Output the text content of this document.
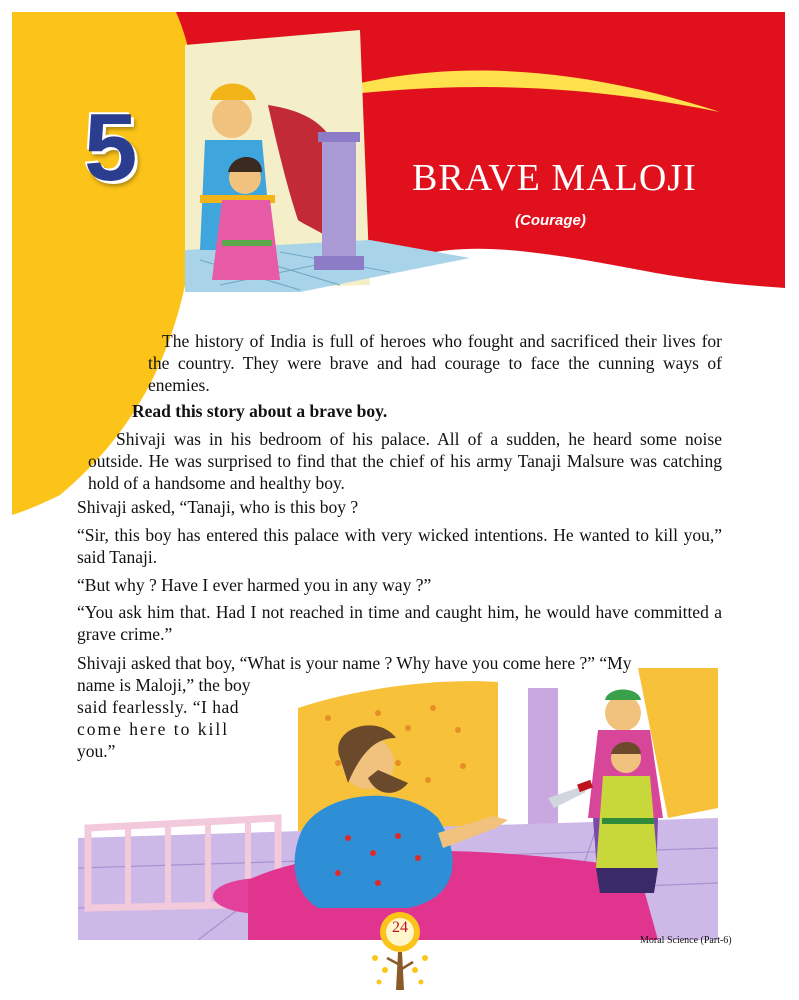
5	BRAVE MALOJI
(Courage)

The history of India is full of heroes who fought and sacrificed their lives for the country. They were brave and had courage to face the cunning ways of enemies.

Read this story about a brave boy.

Shivaji was in his bedroom of his palace. All of a sudden, he heard some noise outside. He was surprised to find that the chief of his army Tanaji Malsure was catching hold of a handsome and healthy boy.

Shivaji asked, “Tanaji, who is this boy ?

“Sir, this boy has entered this palace with very wicked intentions. He wanted to kill you,” said Tanaji.

“But why ? Have I ever harmed you in any way ?”

“You ask him that. Had I not reached in time and caught him, he would have committed a grave crime.”

Shivaji asked that boy, “What is your name ? Why have you come here ?” “My
name is Maloji,” the boy
said fearlessly. “I had
come here to kill
you.”
24
Moral Science (Part-6)
